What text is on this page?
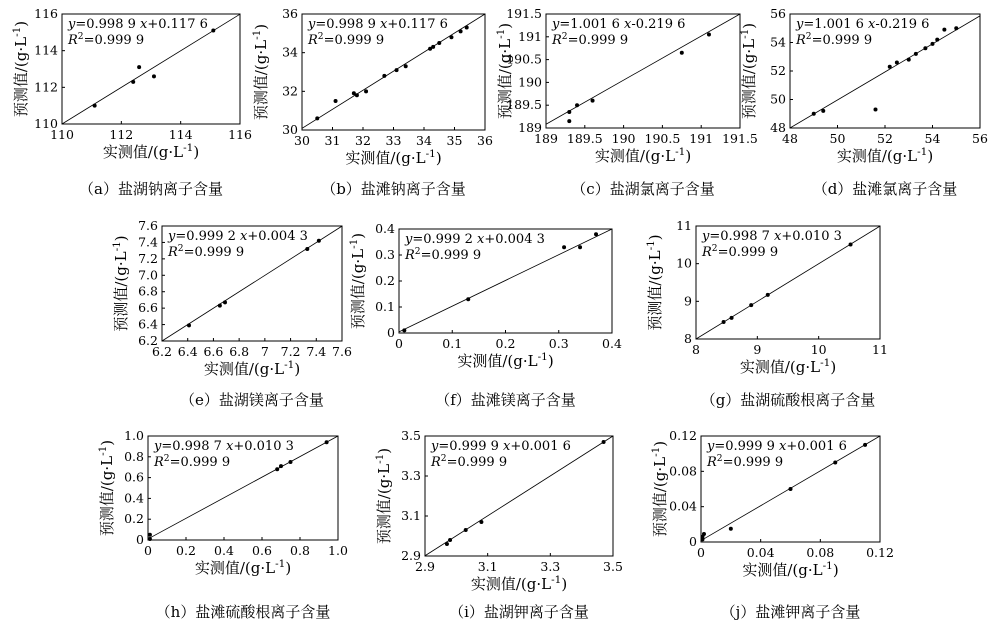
110	112	114	116
110
112
114
116
y=0.998 9 x+0.117 6
$R^2=0.999$ 9
实测值$/(g\cdot L^{-1})$
预测值$/(g\cdot L^{-1})$
（a）盐湖钠离子含量
30 31 32 33 34 35 36
30
32
34
36
y=0.998 9 x+0.117 6
$R^2=0.999$ 9
实测值$/(g\cdot L^{-1})$
预测值$/(g\cdot L^{-1})$
（b）盐滩钠离子含量
189 189.5 190 190.5 191 191.5
189
189.5
190
190.5
191
191.5
y=1.001 6 x-0.219 6
$R^2=0.999$ 9
实测值$/(g\cdot L^{-1})$
预测值$/(g\cdot L^{-1})$
（c）盐湖氯离子含量
48	50	52	54	56
48
50
52
54
56
y=1.001 6 x-0.219 6
$R^2=0.999$ 9
实测值$/(g\cdot L^{-1})$
预测值$/(g\cdot L^{-1})$
（d）盐滩氯离子含量
6.2 6.4 6.6 6.8 7 7.2 7.4 7.6
6.2
6.4
6.6
6.8
7.0
7.2
7.4
7.6
y=0.999 2 x+0.004 3
$R^2=0.999$ 9
实测值$/(g\cdot L^{-1})$
预测值$/(g\cdot L^{-1})$
（e）盐湖镁离子含量
0	0.1	0.2	0.3	0.4
0
0.1
0.2
0.3
0.4
y=0.999 2 x+0.004 3
$R^2=0.999$ 9
实测值$/(g\cdot L^{-1})$
预测值$/(g\cdot L^{-1})$
（f）盐滩镁离子含量
8	9	10	11
8
9
10
11
y=0.998 7 x+0.010 3
$R^2=0.999$ 9
实测值$/(g\cdot L^{-1})$
预测值$/(g\cdot L^{-1})$
（g）盐湖硫酸根离子含量
0 0.2 0.4 0.6 0.8 1.0
0
0.2
0.4
0.6
0.8
1.0
y=0.998 7 x+0.010 3
$R^2=0.999$ 9
实测值$/(g\cdot L^{-1})$
预测值$/(g\cdot L^{-1})$
（h）盐滩硫酸根离子含量
2.9	3.1	3.3	3.5
2.9
3.1
3.3
3.5
y=0.999 9 x+0.001 6
$R^2=0.999$ 9
实测值$/(g\cdot L^{-1})$
预测值$/(g\cdot L^{-1})$
（i）盐湖钾离子含量
0	0.04	0.08	0.12
0
0.04
0.08
0.12
y=0.999 9 x+0.001 6
$R^2=0.999$ 9
实测值$/(g\cdot L^{-1})$
预测值$/(g\cdot L^{-1})$
（j）盐滩钾离子含量
